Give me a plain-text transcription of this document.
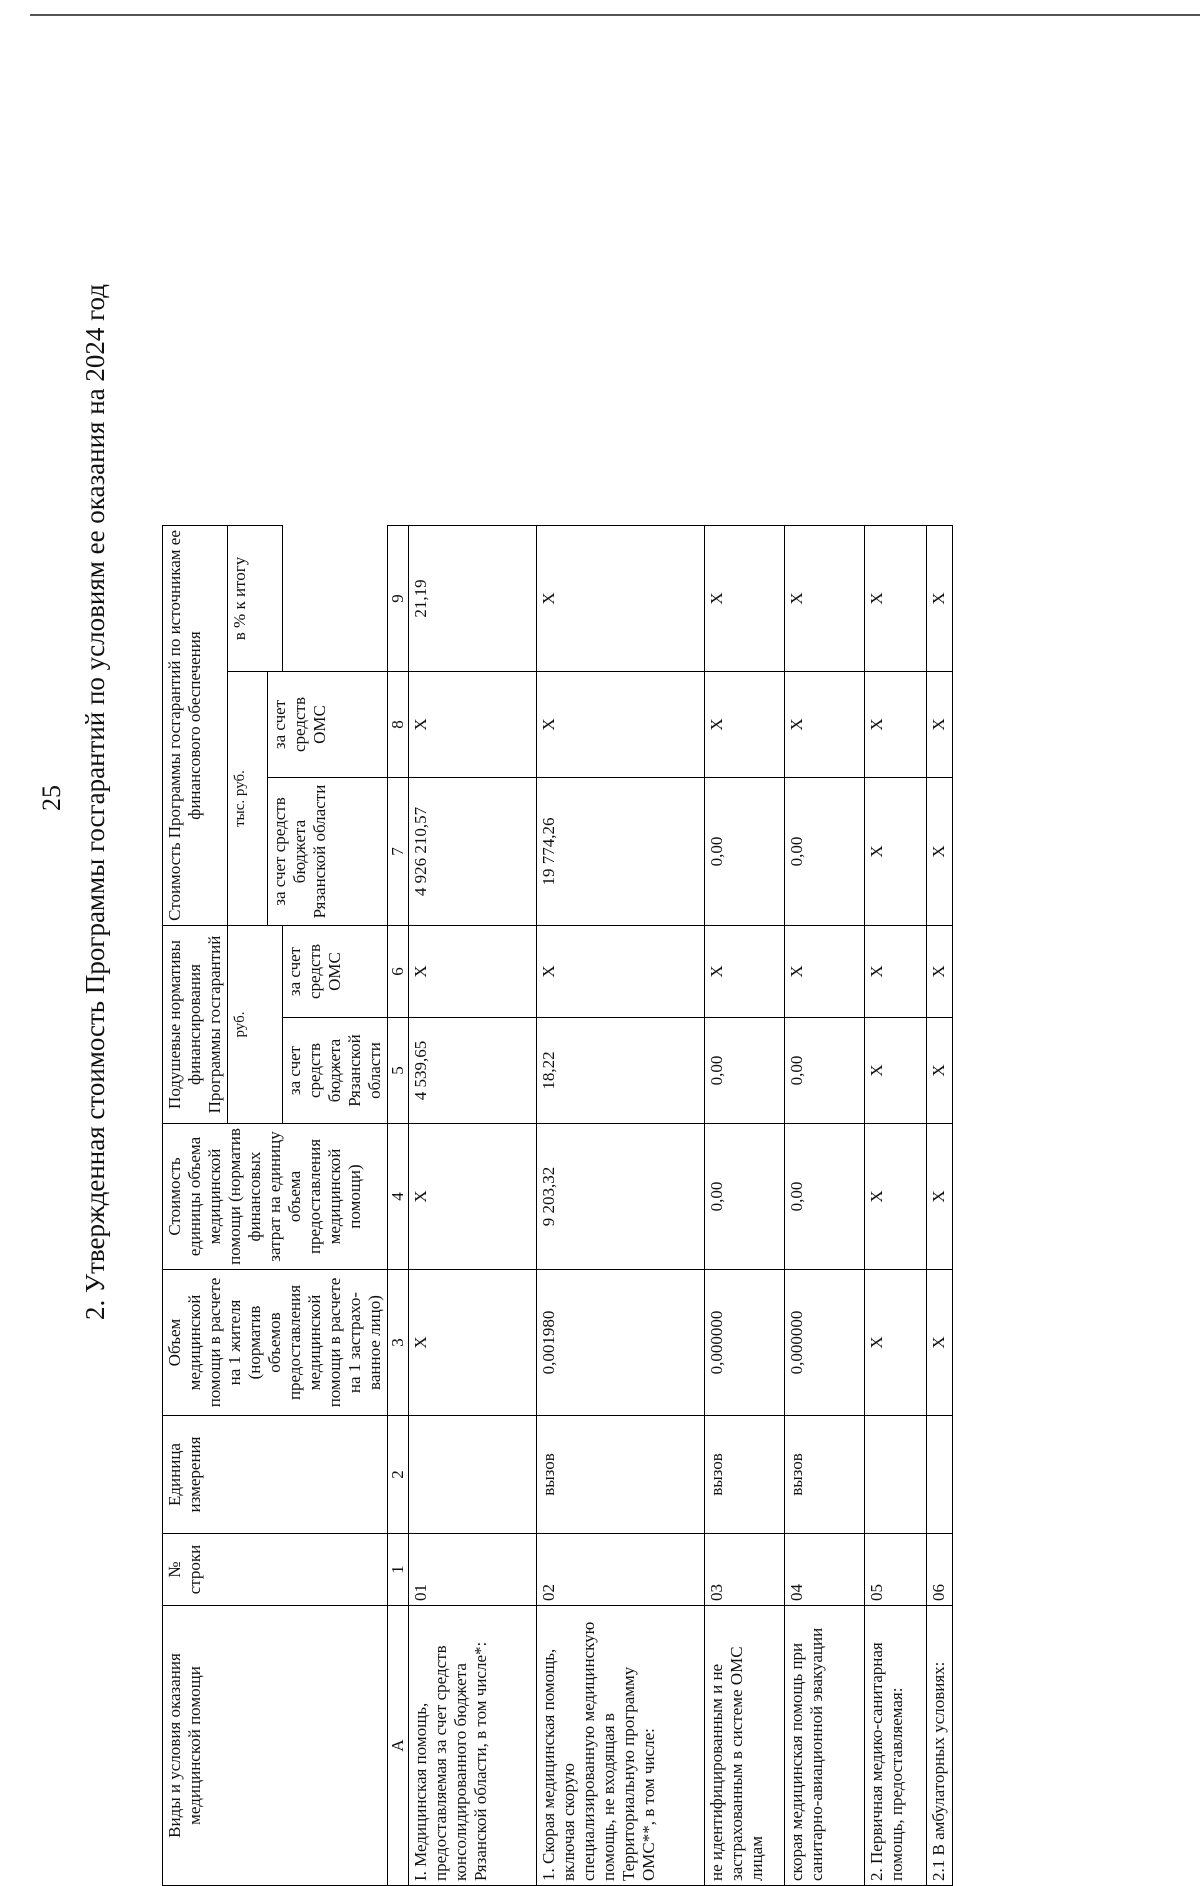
25 2. Утвержденная стоимость Программы госгарантий по условиям ее оказания на 2024 год
Виды и условия оказания медицинской помощи	№ строки	Единица измерения	Объем медицинской помощи в расчете на 1 жителя (норматив объемов предоставления медицинской помощи в расчете на 1 застрахо-ванное лицо)	Стоимость единицы объема медицинской помощи (норматив финансовых затрат на единицу объема предоставления медицинской помощи)	Подушевые нормативы финансирования Программы госгарантий		Стоимость Программы госгарантий по источникам ее финансового обеспечения		
					руб.		тыс. руб.		в % к итогу
							за счет средств бюджета Рязанской области	за счет средств ОМС	
					за счет средств бюджета Рязанской области	за счет средств ОМС			
А	1	2	3	4	5	6	7	8	9
I. Медицинская помощь, предоставляемая за счет средств консолидированного бюджета Рязанской области, в том числе*:	01		X	X	4 539,65	X	4 926 210,57	X	21,19
1. Скорая медицинская помощь, включая скорую специализированную медицинскую помощь, не входящая в Территориальную программу ОМС**, в том числе:	02	вызов	0,001980	9 203,32	18,22	X	19 774,26	X	X
не идентифицированным и не застрахованным в системе ОМС лицам	03	вызов	0,000000	0,00	0,00	X	0,00	X	X
скорая медицинская помощь при санитарно-авиационной эвакуации	04	вызов	0,000000	0,00	0,00	X	0,00	X	X
2. Первичная медико-санитарная помощь, предоставляемая:	05		X	X	X	X	X	X	X
2.1 В амбулаторных условиях:	06		X	X	X	X	X	X	X
